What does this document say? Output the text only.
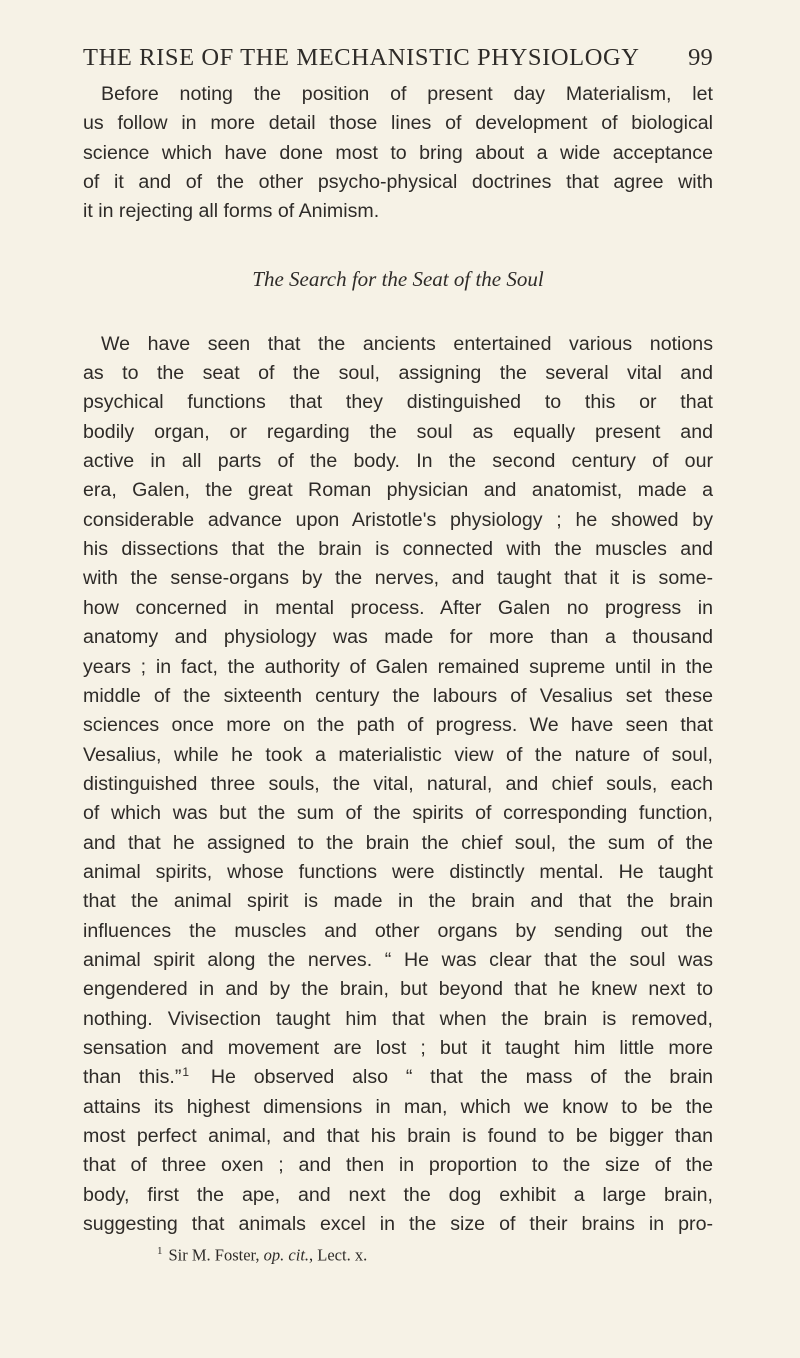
THE RISE OF THE MECHANISTIC PHYSIOLOGY 99
Before noting the position of present day Materialism, let
us follow in more detail those lines of development of biological
science which have done most to bring about a wide acceptance
of it and of the other psycho-physical doctrines that agree with
it in rejecting all forms of Animism.
The Search for the Seat of the Soul
We have seen that the ancients entertained various notions
as to the seat of the soul, assigning the several vital and
psychical functions that they distinguished to this or that
bodily organ, or regarding the soul as equally present and
active in all parts of the body. In the second century of our
era, Galen, the great Roman physician and anatomist, made a
considerable advance upon Aristotle's physiology ; he showed by
his dissections that the brain is connected with the muscles and
with the sense-organs by the nerves, and taught that it is some-
how concerned in mental process. After Galen no progress in
anatomy and physiology was made for more than a thousand
years ; in fact, the authority of Galen remained supreme until in the
middle of the sixteenth century the labours of Vesalius set these
sciences once more on the path of progress. We have seen that
Vesalius, while he took a materialistic view of the nature of soul,
distinguished three souls, the vital, natural, and chief souls, each
of which was but the sum of the spirits of corresponding function,
and that he assigned to the brain the chief soul, the sum of the
animal spirits, whose functions were distinctly mental. He taught
that the animal spirit is made in the brain and that the brain
influences the muscles and other organs by sending out the
animal spirit along the nerves. “ He was clear that the soul was
engendered in and by the brain, but beyond that he knew next to
nothing. Vivisection taught him that when the brain is removed,
sensation and movement are lost ; but it taught him little more
than this.”$^1$ He observed also “ that the mass of the brain
attains its highest dimensions in man, which we know to be the
most perfect animal, and that his brain is found to be bigger than
that of three oxen ; and then in proportion to the size of the
body, first the ape, and next the dog exhibit a large brain,
suggesting that animals excel in the size of their brains in pro-
$^1$ Sir M. Foster, op. cit., Lect. x.
